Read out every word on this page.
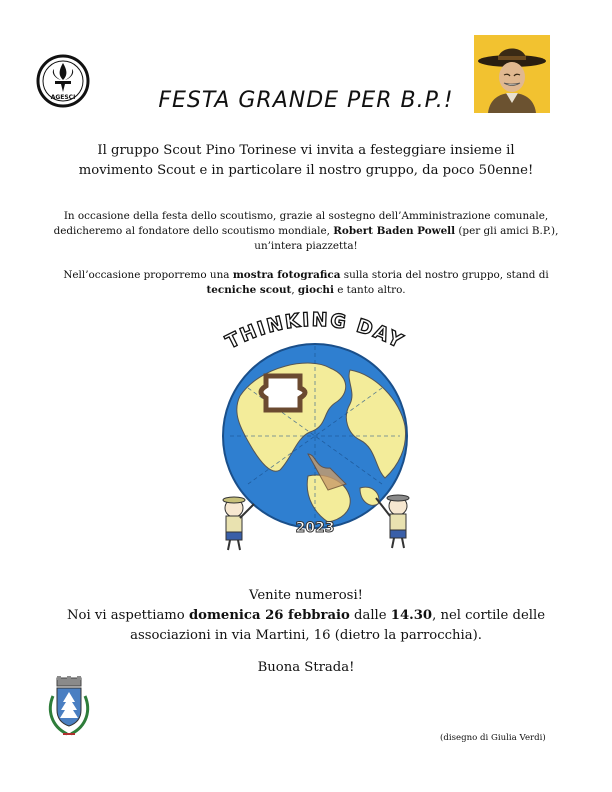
AGESCI	FESTA GRANDE PER B.P.!
Il gruppo Scout Pino Torinese vi invita a festeggiare insieme il
movimento Scout e in particolare il nostro gruppo, da poco 50enne!
In occasione della festa dello scoutismo, grazie al sostegno dell’Amministrazione comunale,
dedicheremo al fondatore dello scoutismo mondiale, Robert Baden Powell (per gli amici B.P.),
un’intera piazzetta!
Nell’occasione proporremo una mostra fotografica sulla storia del nostro gruppo, stand di
tecniche scout, giochi e tanto altro.
THINKING DAY
2023
Venite numerosi!
Noi vi aspettiamo domenica 26 febbraio dalle 14.30, nel cortile delle
associazioni in via Martini, 16 (dietro la parrocchia).
Buona Strada!
(disegno di Giulia Verdi)
